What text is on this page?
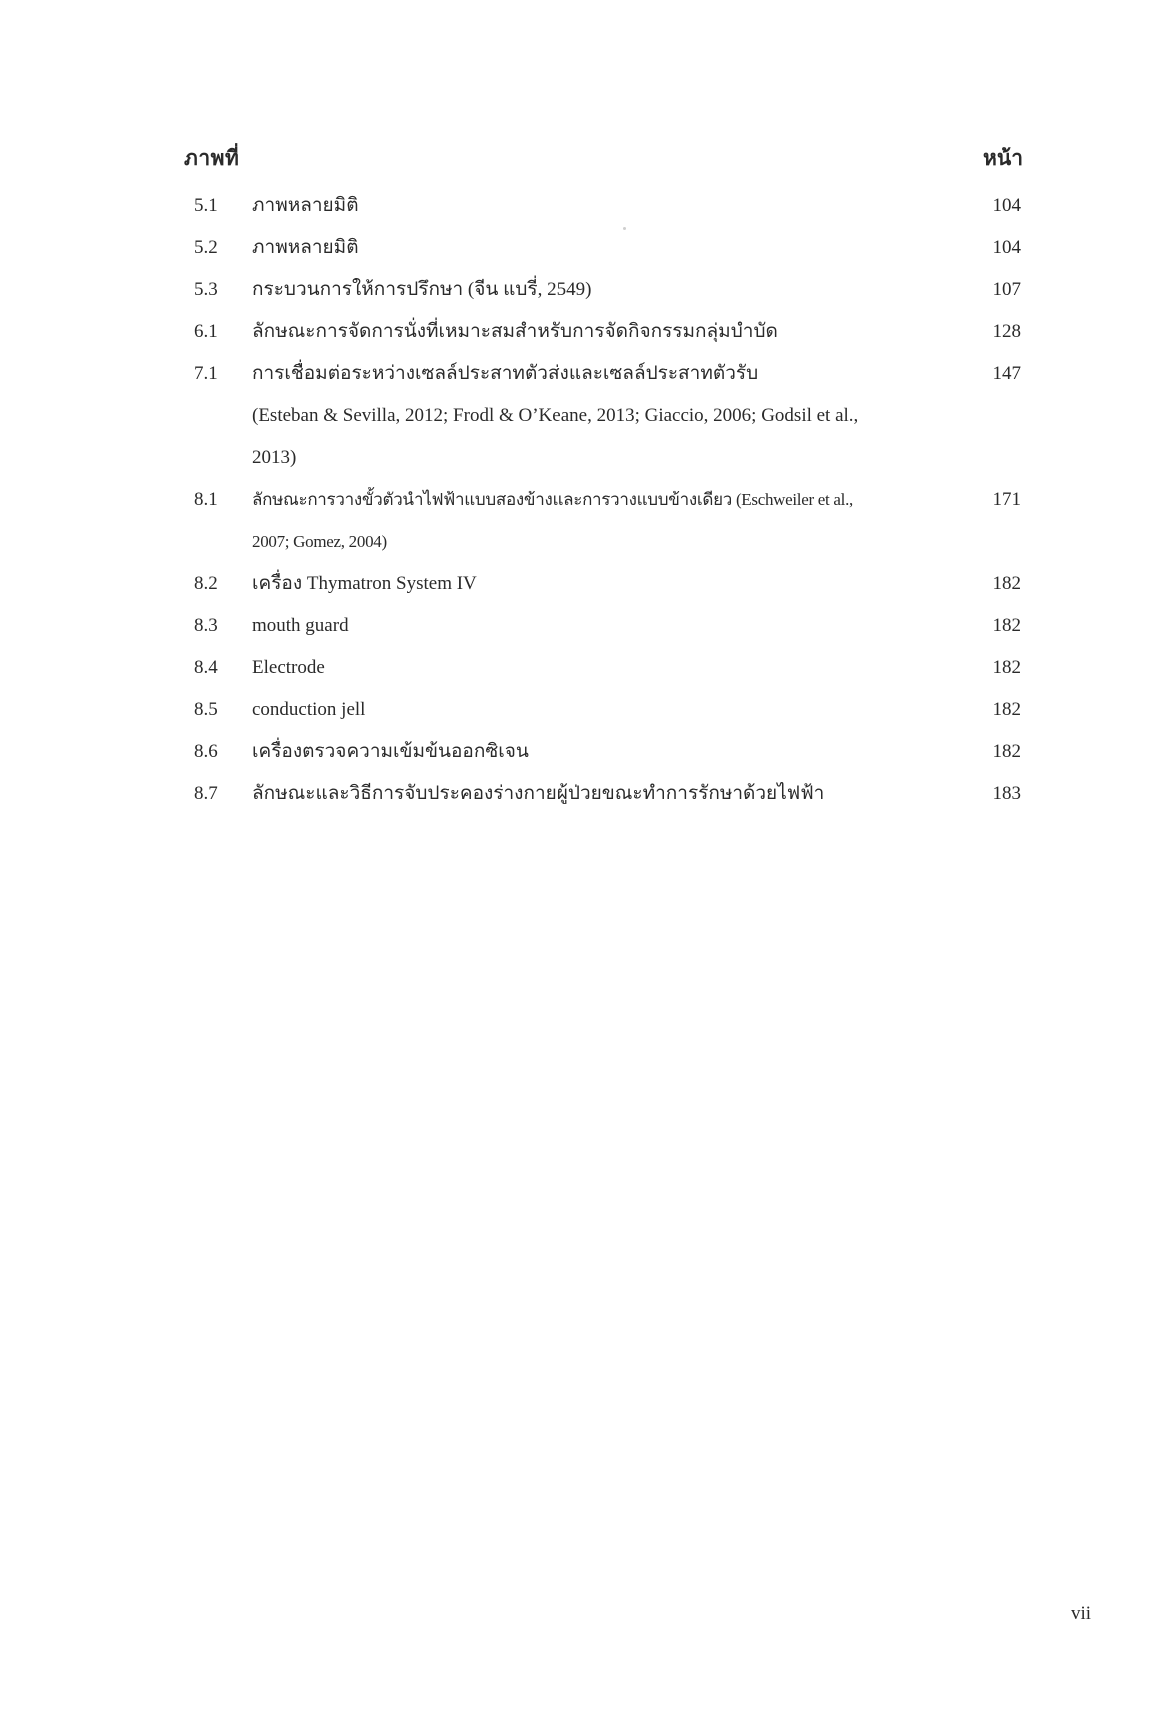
ภาพที่	หน้า
5.1	ภาพหลายมิติ	104
5.2	ภาพหลายมิติ	104
5.3	กระบวนการให้การปรึกษา (จีน แบรี่, 2549)	107
6.1	ลักษณะการจัดการนั่งที่เหมาะสมสำหรับการจัดกิจกรรมกลุ่มบำบัด	128
7.1	การเชื่อมต่อระหว่างเซลล์ประสาทตัวส่งและเซลล์ประสาทตัวรับ	147
(Esteban & Sevilla, 2012; Frodl & O’Keane, 2013; Giaccio, 2006; Godsil et al.,
2013)
8.1	ลักษณะการวางขั้วตัวนำไฟฟ้าแบบสองข้างและการวางแบบข้างเดียว (Eschweiler et al.,	171
2007; Gomez, 2004)
8.2	เครื่อง Thymatron System IV	182
8.3	mouth guard	182
8.4	Electrode	182
8.5	conduction jell	182
8.6	เครื่องตรวจความเข้มข้นออกซิเจน	182
8.7	ลักษณะและวิธีการจับประคองร่างกายผู้ป่วยขณะทำการรักษาด้วยไฟฟ้า	183
vii
